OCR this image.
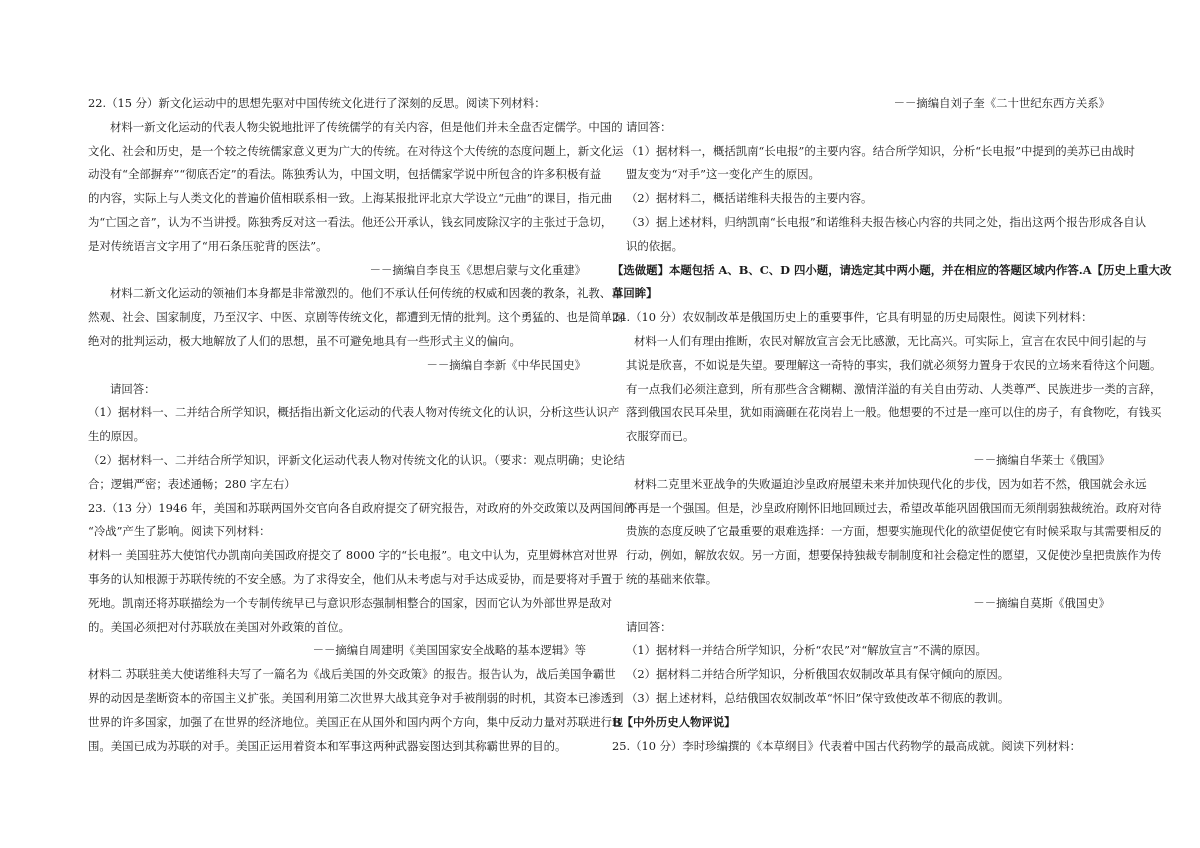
22.（15 分）新文化运动中的思想先驱对中国传统文化进行了深刻的反思。阅读下列材料：
材料一新文化运动的代表人物尖锐地批评了传统儒学的有关内容，但是他们并未全盘否定儒学。中国的
文化、社会和历史，是一个较之传统儒家意义更为广大的传统。在对待这个大传统的态度问题上，新文化运
动没有“全部摒弃”“彻底否定”的看法。陈独秀认为，中国文明，包括儒家学说中所包含的许多积极有益
的内容，实际上与人类文化的普遍价值相联系相一致。上海某报批评北京大学设立“元曲”的课目，指元曲
为“亡国之音”，认为不当讲授。陈独秀反对这一看法。他还公开承认，钱玄同废除汉字的主张过于急切，
是对传统语言文字用了“用石条压驼背的医法”。
－－摘编自李良玉《思想启蒙与文化重建》
材料二新文化运动的领袖们本身都是非常激烈的。他们不承认任何传统的权威和因袭的教条，礼教、自
然观、社会、国家制度，乃至汉字、中医、京剧等传统文化，都遭到无情的批判。这个勇猛的、也是简单而
绝对的批判运动，极大地解放了人们的思想，虽不可避免地具有一些形式主义的偏向。
－－摘编自李新《中华民国史》
请回答：
（1）据材料一、二并结合所学知识，概括指出新文化运动的代表人物对传统文化的认识，分析这些认识产
生的原因。
（2）据材料一、二并结合所学知识，评新文化运动代表人物对传统文化的认识。（要求：观点明确；史论结
合；逻辑严密；表述通畅；280 字左右）
23.（13 分）1946 年，美国和苏联两国外交官向各自政府提交了研究报告，对政府的外交政策以及两国间的
“冷战”产生了影响。阅读下列材料：
材料一 美国驻苏大使馆代办凯南向美国政府提交了 8000 字的“长电报”。电文中认为，克里姆林宫对世界
事务的认知根源于苏联传统的不安全感。为了求得安全，他们从未考虑与对手达成妥协，而是要将对手置于
死地。凯南还将苏联描绘为一个专制传统早已与意识形态强制相整合的国家，因而它认为外部世界是敌对
的。美国必须把对付苏联放在美国对外政策的首位。
－－摘编自周建明《美国国家安全战略的基本逻辑》等
材料二 苏联驻美大使诺维科夫写了一篇名为《战后美国的外交政策》的报告。报告认为，战后美国争霸世
界的动因是垄断资本的帝国主义扩张。美国利用第二次世界大战其竞争对手被削弱的时机，其资本已渗透到
世界的许多国家，加强了在世界的经济地位。美国正在从国外和国内两个方向，集中反动力量对苏联进行包
围。美国已成为苏联的对手。美国正运用着资本和军事这两种武器妄图达到其称霸世界的目的。
－－摘编自刘子奎《二十世纪东西方关系》
请回答：
（1）据材料一，概括凯南“长电报”的主要内容。结合所学知识，分析“长电报”中提到的美苏已由战时
盟友变为“对手”这一变化产生的原因。
（2）据材料二，概括诺维科夫报告的主要内容。
（3）据上述材料，归纳凯南“长电报”和诺维科夫报告核心内容的共同之处，指出这两个报告形成各自认
识的依据。
【选做题】本题包括 A、B、C、D 四小题，请选定其中两小题，并在相应的答题区域内作答.A【历史上重大改
革回眸】
24.（10 分）农奴制改革是俄国历史上的重要事件，它具有明显的历史局限性。阅读下列材料：
材料一人们有理由推断，农民对解放宣言会无比感激，无比高兴。可实际上，宣言在农民中间引起的与
其说是欣喜，不如说是失望。要理解这一奇特的事实，我们就必须努力置身于农民的立场来看待这个问题。
有一点我们必须注意到，所有那些含含糊糊、激情洋溢的有关自由劳动、人类尊严、民族进步一类的言辞，
落到俄国农民耳朵里，犹如雨滴砸在花岗岩上一般。他想要的不过是一座可以住的房子，有食物吃，有钱买
衣服穿而已。
－－摘编自华莱士《俄国》
材料二克里米亚战争的失败逼迫沙皇政府展望未来并加快现代化的步伐，因为如若不然，俄国就会永远
不再是一个强国。但是，沙皇政府刚怀旧地回顾过去，希望改革能巩固俄国而无须削弱独裁统治。政府对待
贵族的态度反映了它最重要的艰难选择：一方面，想要实施现代化的欲望促使它有时候采取与其需要相反的
行动，例如，解放农奴。另一方面，想要保持独裁专制制度和社会稳定性的愿望，又促使沙皇把贵族作为传
统的基础来依靠。
－－摘编自莫斯《俄国史》
请回答：
（1）据材料一并结合所学知识，分析“农民”对“解放宣言”不满的原因。
（2）据材料二并结合所学知识，分析俄国农奴制改革具有保守倾向的原因。
（3）据上述材料，总结俄国农奴制改革“怀旧”保守致使改革不彻底的教训。
B【中外历史人物评说】
25.（10 分）李时珍编撰的《本草纲目》代表着中国古代药物学的最高成就。阅读下列材料：
